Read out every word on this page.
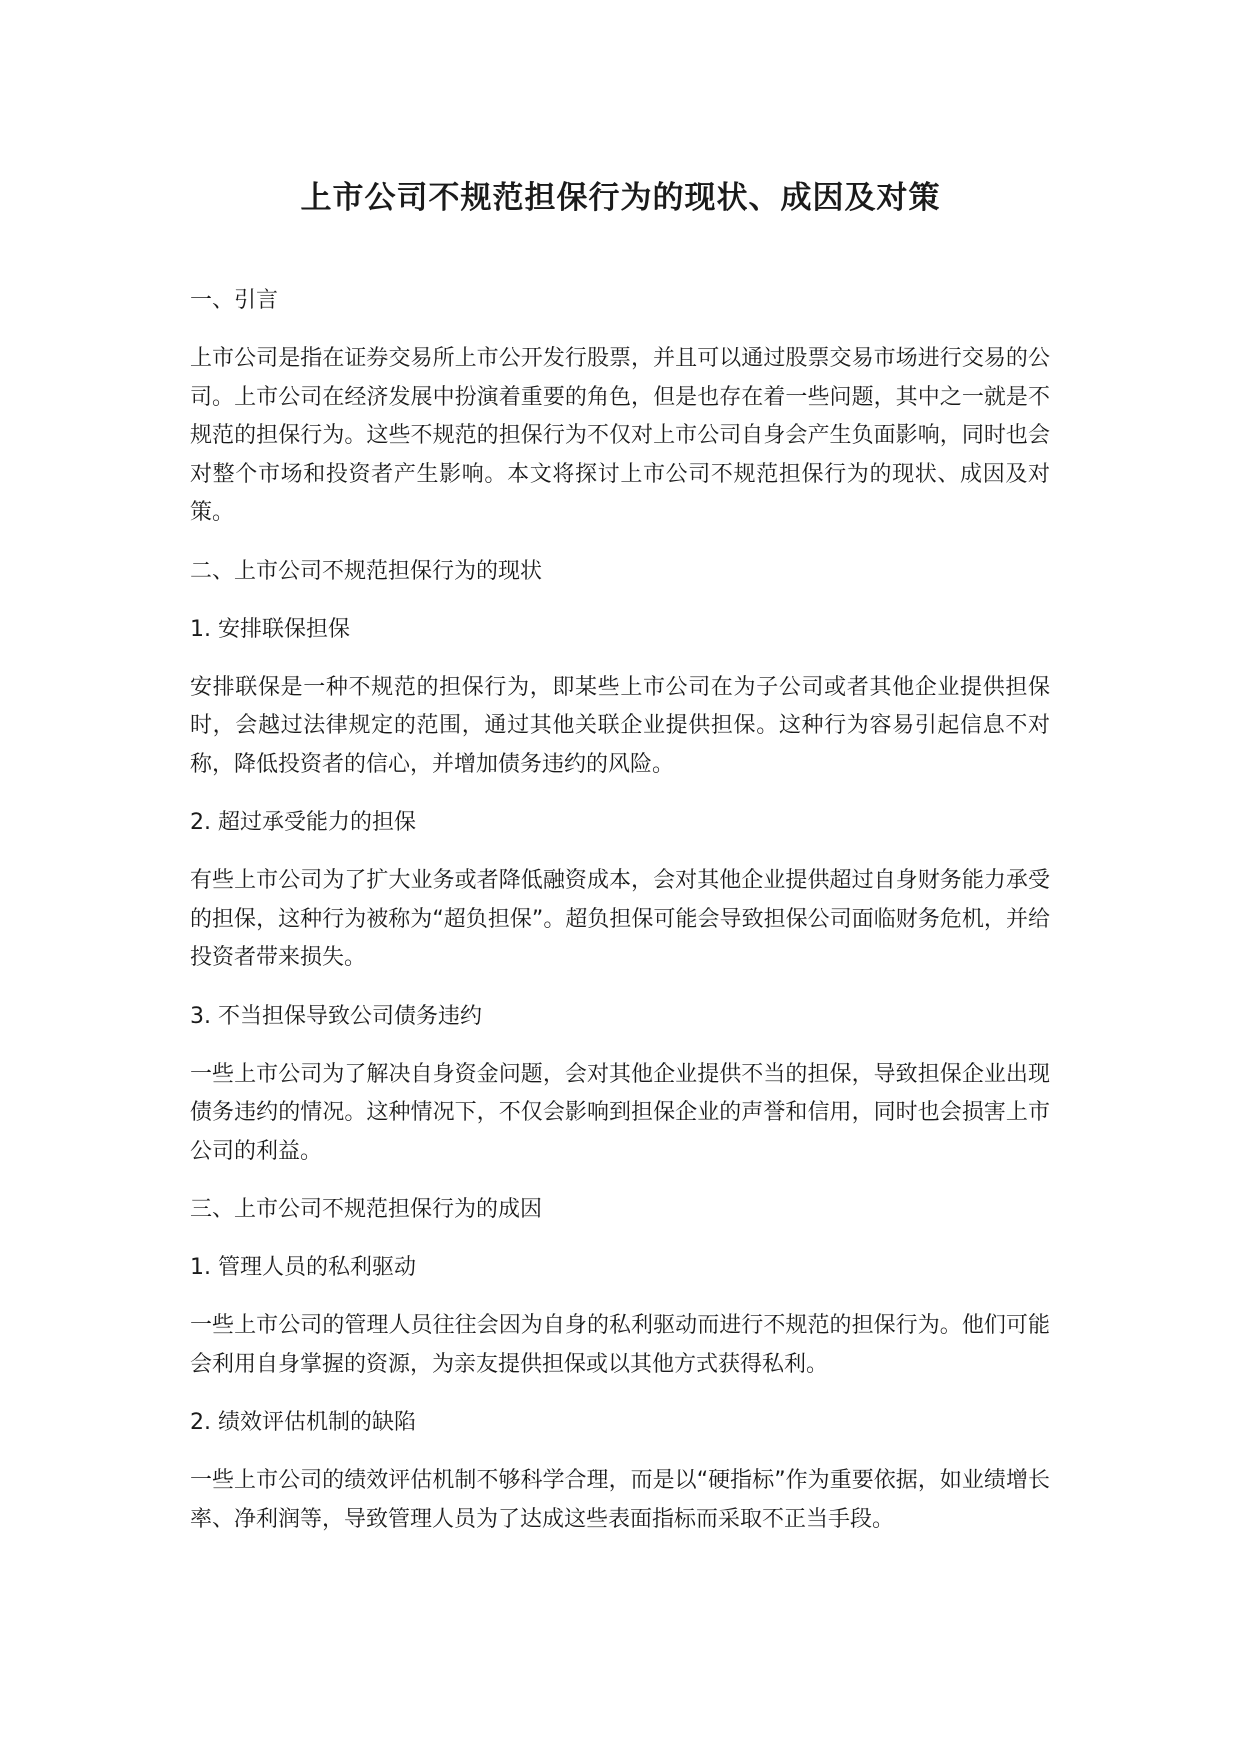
上市公司不规范担保行为的现状、成因及对策

一、引言

上市公司是指在证券交易所上市公开发行股票，并且可以通过股票交易市场进行交易的公司。上市公司在经济发展中扮演着重要的角色，但是也存在着一些问题，其中之一就是不规范的担保行为。这些不规范的担保行为不仅对上市公司自身会产生负面影响，同时也会对整个市场和投资者产生影响。本文将探讨上市公司不规范担保行为的现状、成因及对策。

二、上市公司不规范担保行为的现状

1. 安排联保担保

安排联保是一种不规范的担保行为，即某些上市公司在为子公司或者其他企业提供担保时，会越过法律规定的范围，通过其他关联企业提供担保。这种行为容易引起信息不对称，降低投资者的信心，并增加债务违约的风险。

2. 超过承受能力的担保

有些上市公司为了扩大业务或者降低融资成本，会对其他企业提供超过自身财务能力承受的担保，这种行为被称为“超负担保”。超负担保可能会导致担保公司面临财务危机，并给投资者带来损失。

3. 不当担保导致公司债务违约

一些上市公司为了解决自身资金问题，会对其他企业提供不当的担保，导致担保企业出现债务违约的情况。这种情况下，不仅会影响到担保企业的声誉和信用，同时也会损害上市公司的利益。

三、上市公司不规范担保行为的成因

1. 管理人员的私利驱动

一些上市公司的管理人员往往会因为自身的私利驱动而进行不规范的担保行为。他们可能会利用自身掌握的资源，为亲友提供担保或以其他方式获得私利。

2. 绩效评估机制的缺陷

一些上市公司的绩效评估机制不够科学合理，而是以“硬指标”作为重要依据，如业绩增长率、净利润等，导致管理人员为了达成这些表面指标而采取不正当手段。
